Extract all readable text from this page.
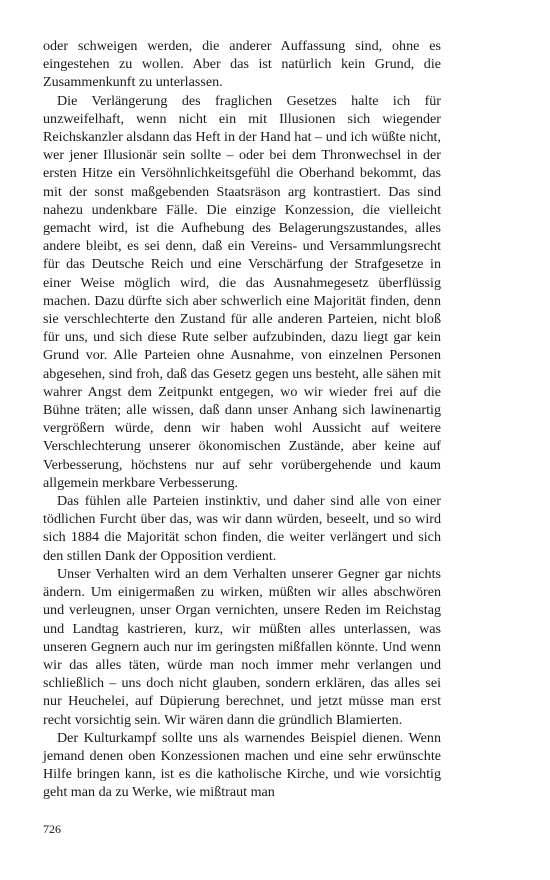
oder schweigen werden, die anderer Auffassung sind, ohne es eingestehen zu wollen. Aber das ist natürlich kein Grund, die Zusammenkunft zu unterlassen.

Die Verlängerung des fraglichen Gesetzes halte ich für unzweifelhaft, wenn nicht ein mit Illusionen sich wiegender Reichskanzler alsdann das Heft in der Hand hat – und ich wüßte nicht, wer jener Illusionär sein sollte – oder bei dem Thronwechsel in der ersten Hitze ein Versöhnlichkeitsgefühl die Oberhand bekommt, das mit der sonst maßgebenden Staatsräson arg kontrastiert. Das sind nahezu undenkbare Fälle. Die einzige Konzession, die vielleicht gemacht wird, ist die Aufhebung des Belagerungszustandes, alles andere bleibt, es sei denn, daß ein Vereins- und Versammlungsrecht für das Deutsche Reich und eine Verschärfung der Strafgesetze in einer Weise möglich wird, die das Ausnahmegesetz überflüssig machen. Dazu dürfte sich aber schwerlich eine Majorität finden, denn sie verschlechterte den Zustand für alle anderen Parteien, nicht bloß für uns, und sich diese Rute selber aufzubinden, dazu liegt gar kein Grund vor. Alle Parteien ohne Ausnahme, von einzelnen Personen abgesehen, sind froh, daß das Gesetz gegen uns besteht, alle sähen mit wahrer Angst dem Zeitpunkt entgegen, wo wir wieder frei auf die Bühne träten; alle wissen, daß dann unser Anhang sich lawinenartig vergrößern würde, denn wir haben wohl Aussicht auf weitere Verschlechterung unserer ökonomischen Zustände, aber keine auf Verbesserung, höchstens nur auf sehr vorübergehende und kaum allgemein merkbare Verbesserung.

Das fühlen alle Parteien instinktiv, und daher sind alle von einer tödlichen Furcht über das, was wir dann würden, beseelt, und so wird sich 1884 die Majorität schon finden, die weiter verlängert und sich den stillen Dank der Opposition verdient.

Unser Verhalten wird an dem Verhalten unserer Gegner gar nichts ändern. Um einigermaßen zu wirken, müßten wir alles abschwören und verleugnen, unser Organ vernichten, unsere Reden im Reichstag und Landtag kastrieren, kurz, wir müßten alles unterlassen, was unseren Gegnern auch nur im geringsten mißfallen könnte. Und wenn wir das alles täten, würde man noch immer mehr verlangen und schließlich – uns doch nicht glauben, sondern erklären, das alles sei nur Heuchelei, auf Düpierung berechnet, und jetzt müsse man erst recht vorsichtig sein. Wir wären dann die gründlich Blamierten.

Der Kulturkampf sollte uns als warnendes Beispiel dienen. Wenn jemand denen oben Konzessionen machen und eine sehr erwünschte Hilfe bringen kann, ist es die katholische Kirche, und wie vorsichtig geht man da zu Werke, wie mißtraut man

726
